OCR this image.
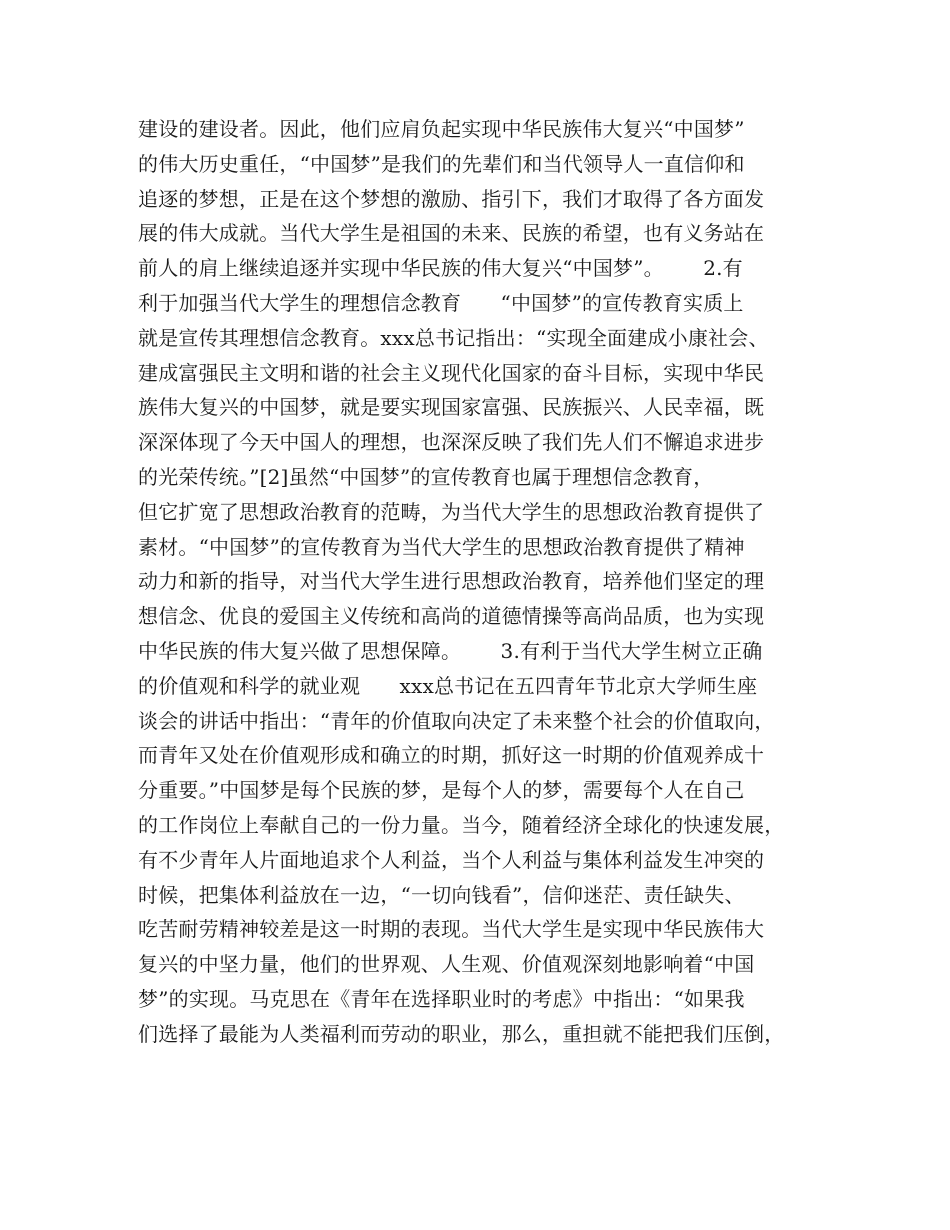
建设的建设者。因此，他们应肩负起实现中华民族伟大复兴“中国梦”
的伟大历史重任，“中国梦”是我们的先辈们和当代领导人一直信仰和
追逐的梦想，正是在这个梦想的激励、指引下，我们才取得了各方面发
展的伟大成就。当代大学生是祖国的未来、民族的希望，也有义务站在
前人的肩上继续追逐并实现中华民族的伟大复兴“中国梦”。      2.有
利于加强当代大学生的理想信念教育      “中国梦”的宣传教育实质上
就是宣传其理想信念教育。xxx总书记指出：“实现全面建成小康社会、
建成富强民主文明和谐的社会主义现代化国家的奋斗目标，实现中华民
族伟大复兴的中国梦，就是要实现国家富强、民族振兴、人民幸福，既
深深体现了今天中国人的理想，也深深反映了我们先人们不懈追求进步
的光荣传统。”[2]虽然“中国梦”的宣传教育也属于理想信念教育，
但它扩宽了思想政治教育的范畴，为当代大学生的思想政治教育提供了
素材。“中国梦”的宣传教育为当代大学生的思想政治教育提供了精神
动力和新的指导，对当代大学生进行思想政治教育，培养他们坚定的理
想信念、优良的爱国主义传统和高尚的道德情操等高尚品质，也为实现
中华民族的伟大复兴做了思想保障。      3.有利于当代大学生树立正确
的价值观和科学的就业观      xxx总书记在五四青年节北京大学师生座
谈会的讲话中指出：“青年的价值取向决定了未来整个社会的价值取向，
而青年又处在价值观形成和确立的时期，抓好这一时期的价值观养成十
分重要。”中国梦是每个民族的梦，是每个人的梦，需要每个人在自己
的工作岗位上奉献自己的一份力量。当今，随着经济全球化的快速发展，
有不少青年人片面地追求个人利益，当个人利益与集体利益发生冲突的
时候，把集体利益放在一边，“一切向钱看”，信仰迷茫、责任缺失、
吃苦耐劳精神较差是这一时期的表现。当代大学生是实现中华民族伟大
复兴的中坚力量，他们的世界观、人生观、价值观深刻地影响着“中国
梦”的实现。马克思在《青年在选择职业时的考虑》中指出：“如果我
们选择了最能为人类福利而劳动的职业，那么，重担就不能把我们压倒，
